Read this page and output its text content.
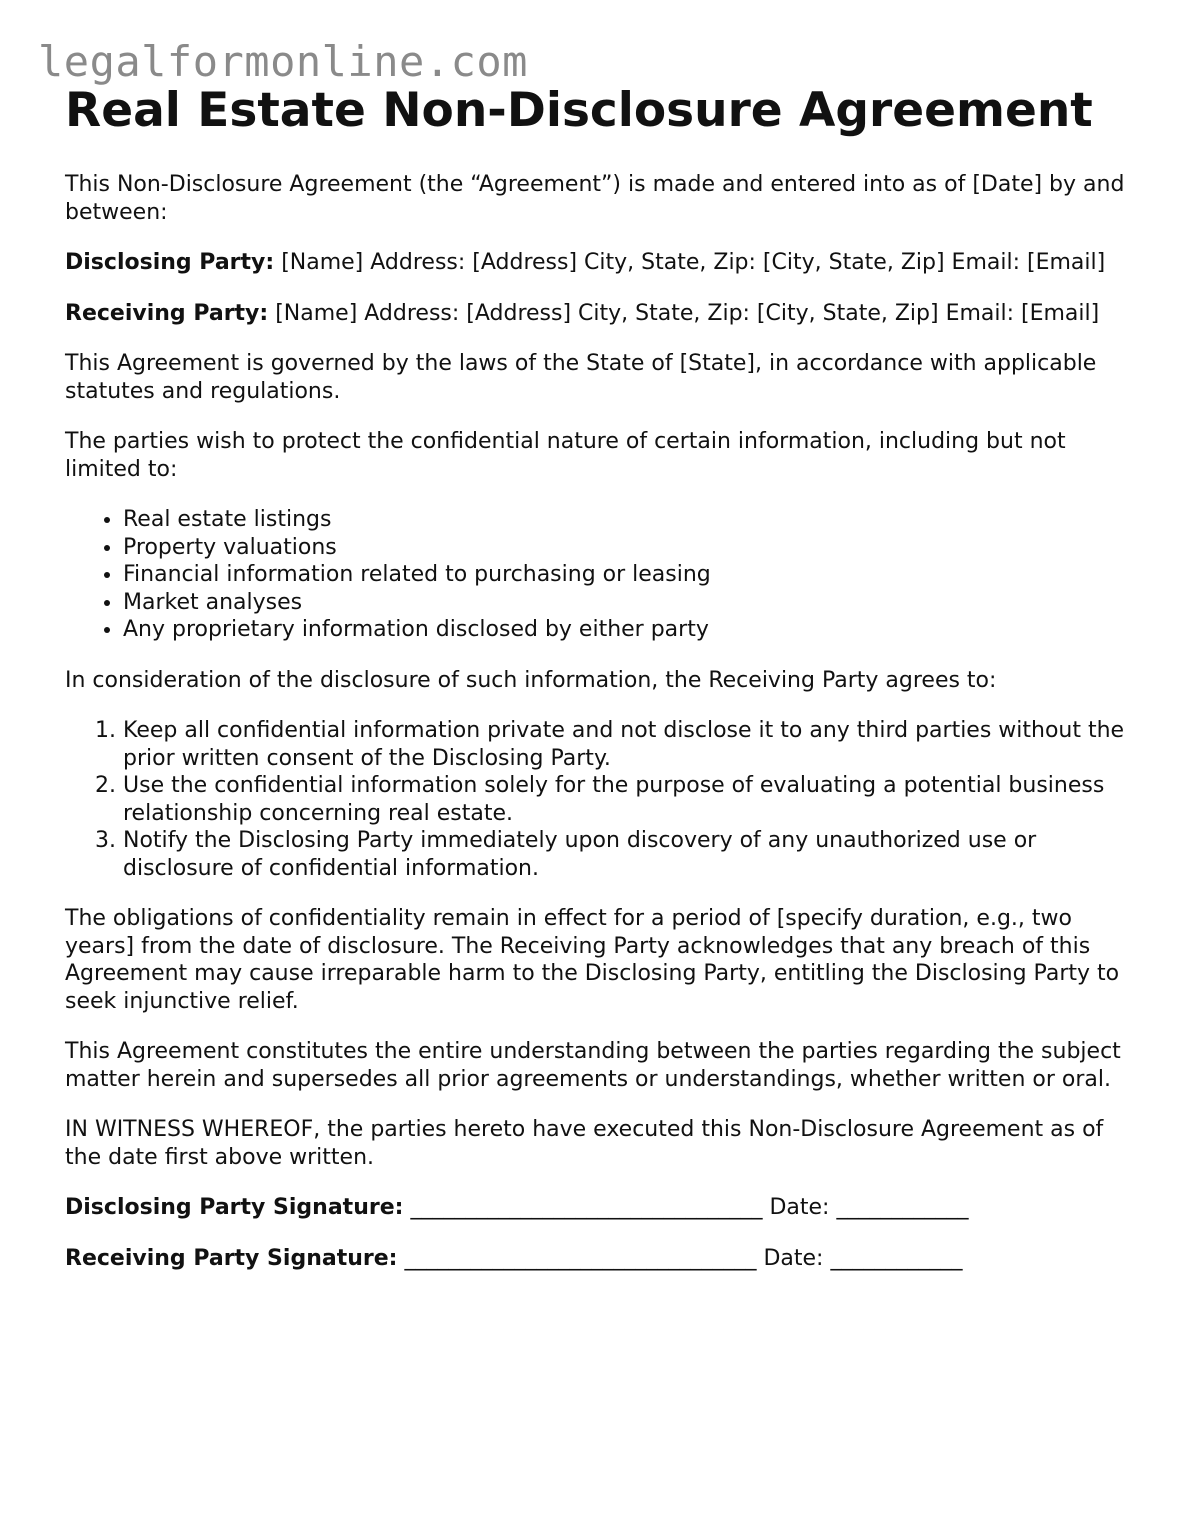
legalformonline.com
Real Estate Non-Disclosure Agreement

This Non-Disclosure Agreement (the “Agreement”) is made and entered into as of [Date] by and between:

Disclosing Party: [Name] Address: [Address] City, State, Zip: [City, State, Zip] Email: [Email]

Receiving Party: [Name] Address: [Address] City, State, Zip: [City, State, Zip] Email: [Email]

This Agreement is governed by the laws of the State of [State], in accordance with applicable statutes and regulations.

The parties wish to protect the confidential nature of certain information, including but not limited to:

• Real estate listings
• Property valuations
• Financial information related to purchasing or leasing
• Market analyses
• Any proprietary information disclosed by either party

In consideration of the disclosure of such information, the Receiving Party agrees to:

1. Keep all confidential information private and not disclose it to any third parties without the prior written consent of the Disclosing Party.
2. Use the confidential information solely for the purpose of evaluating a potential business relationship concerning real estate.
3. Notify the Disclosing Party immediately upon discovery of any unauthorized use or disclosure of confidential information.

The obligations of confidentiality remain in effect for a period of [specify duration, e.g., two years] from the date of disclosure. The Receiving Party acknowledges that any breach of this Agreement may cause irreparable harm to the Disclosing Party, entitling the Disclosing Party to seek injunctive relief.

This Agreement constitutes the entire understanding between the parties regarding the subject matter herein and supersedes all prior agreements or understandings, whether written or oral.

IN WITNESS WHEREOF, the parties hereto have executed this Non-Disclosure Agreement as of the date first above written.

Disclosing Party Signature: ________________________________ Date: ____________
Receiving Party Signature: ________________________________ Date: ____________
